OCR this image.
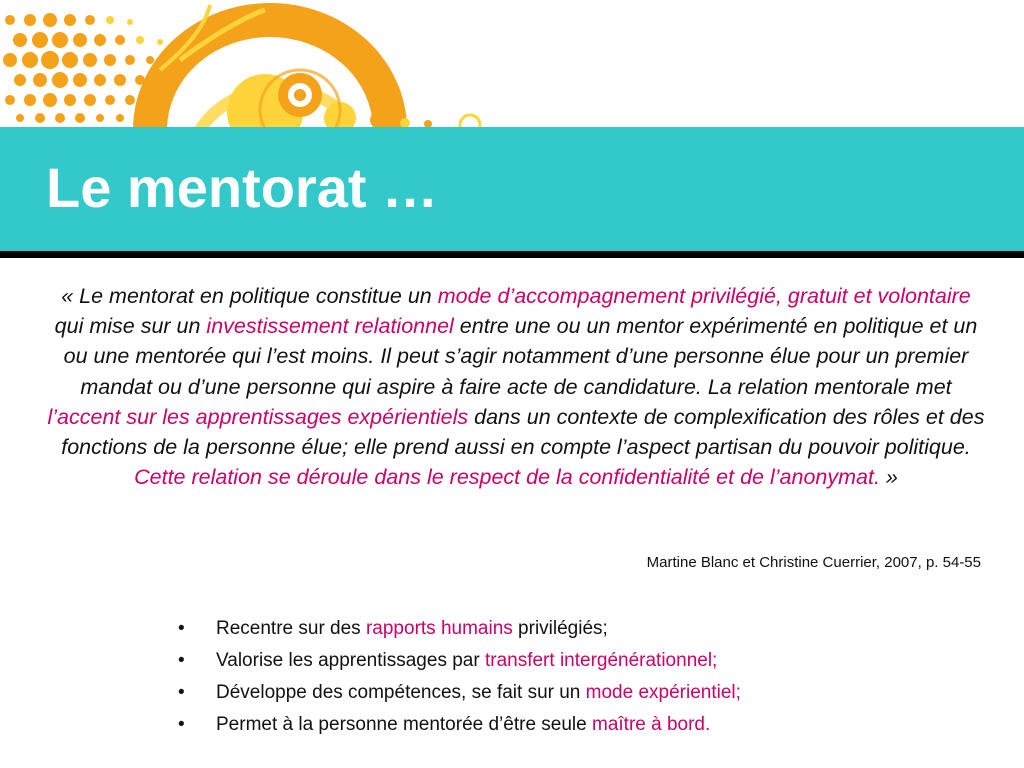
Le mentorat …

« Le mentorat en politique constitue un mode d’accompagnement privilégié, gratuit et volontaire qui mise sur un investissement relationnel entre une ou un mentor expérimenté en politique et un ou une mentorée qui l’est moins. Il peut s’agir notamment d’une personne élue pour un premier mandat ou d’une personne qui aspire à faire acte de candidature. La relation mentorale met l’accent sur les apprentissages expérientiels dans un contexte de complexification des rôles et des fonctions de la personne élue; elle prend aussi en compte l’aspect partisan du pouvoir politique. Cette relation se déroule dans le respect de la confidentialité et de l’anonymat. »

Martine Blanc et Christine Cuerrier, 2007, p. 54-55
• Recentre sur des rapports humains privilégiés;
• Valorise les apprentissages par transfert intergénérationnel;
• Développe des compétences, se fait sur un mode expérientiel;
• Permet à la personne mentorée d’être seule maître à bord.
